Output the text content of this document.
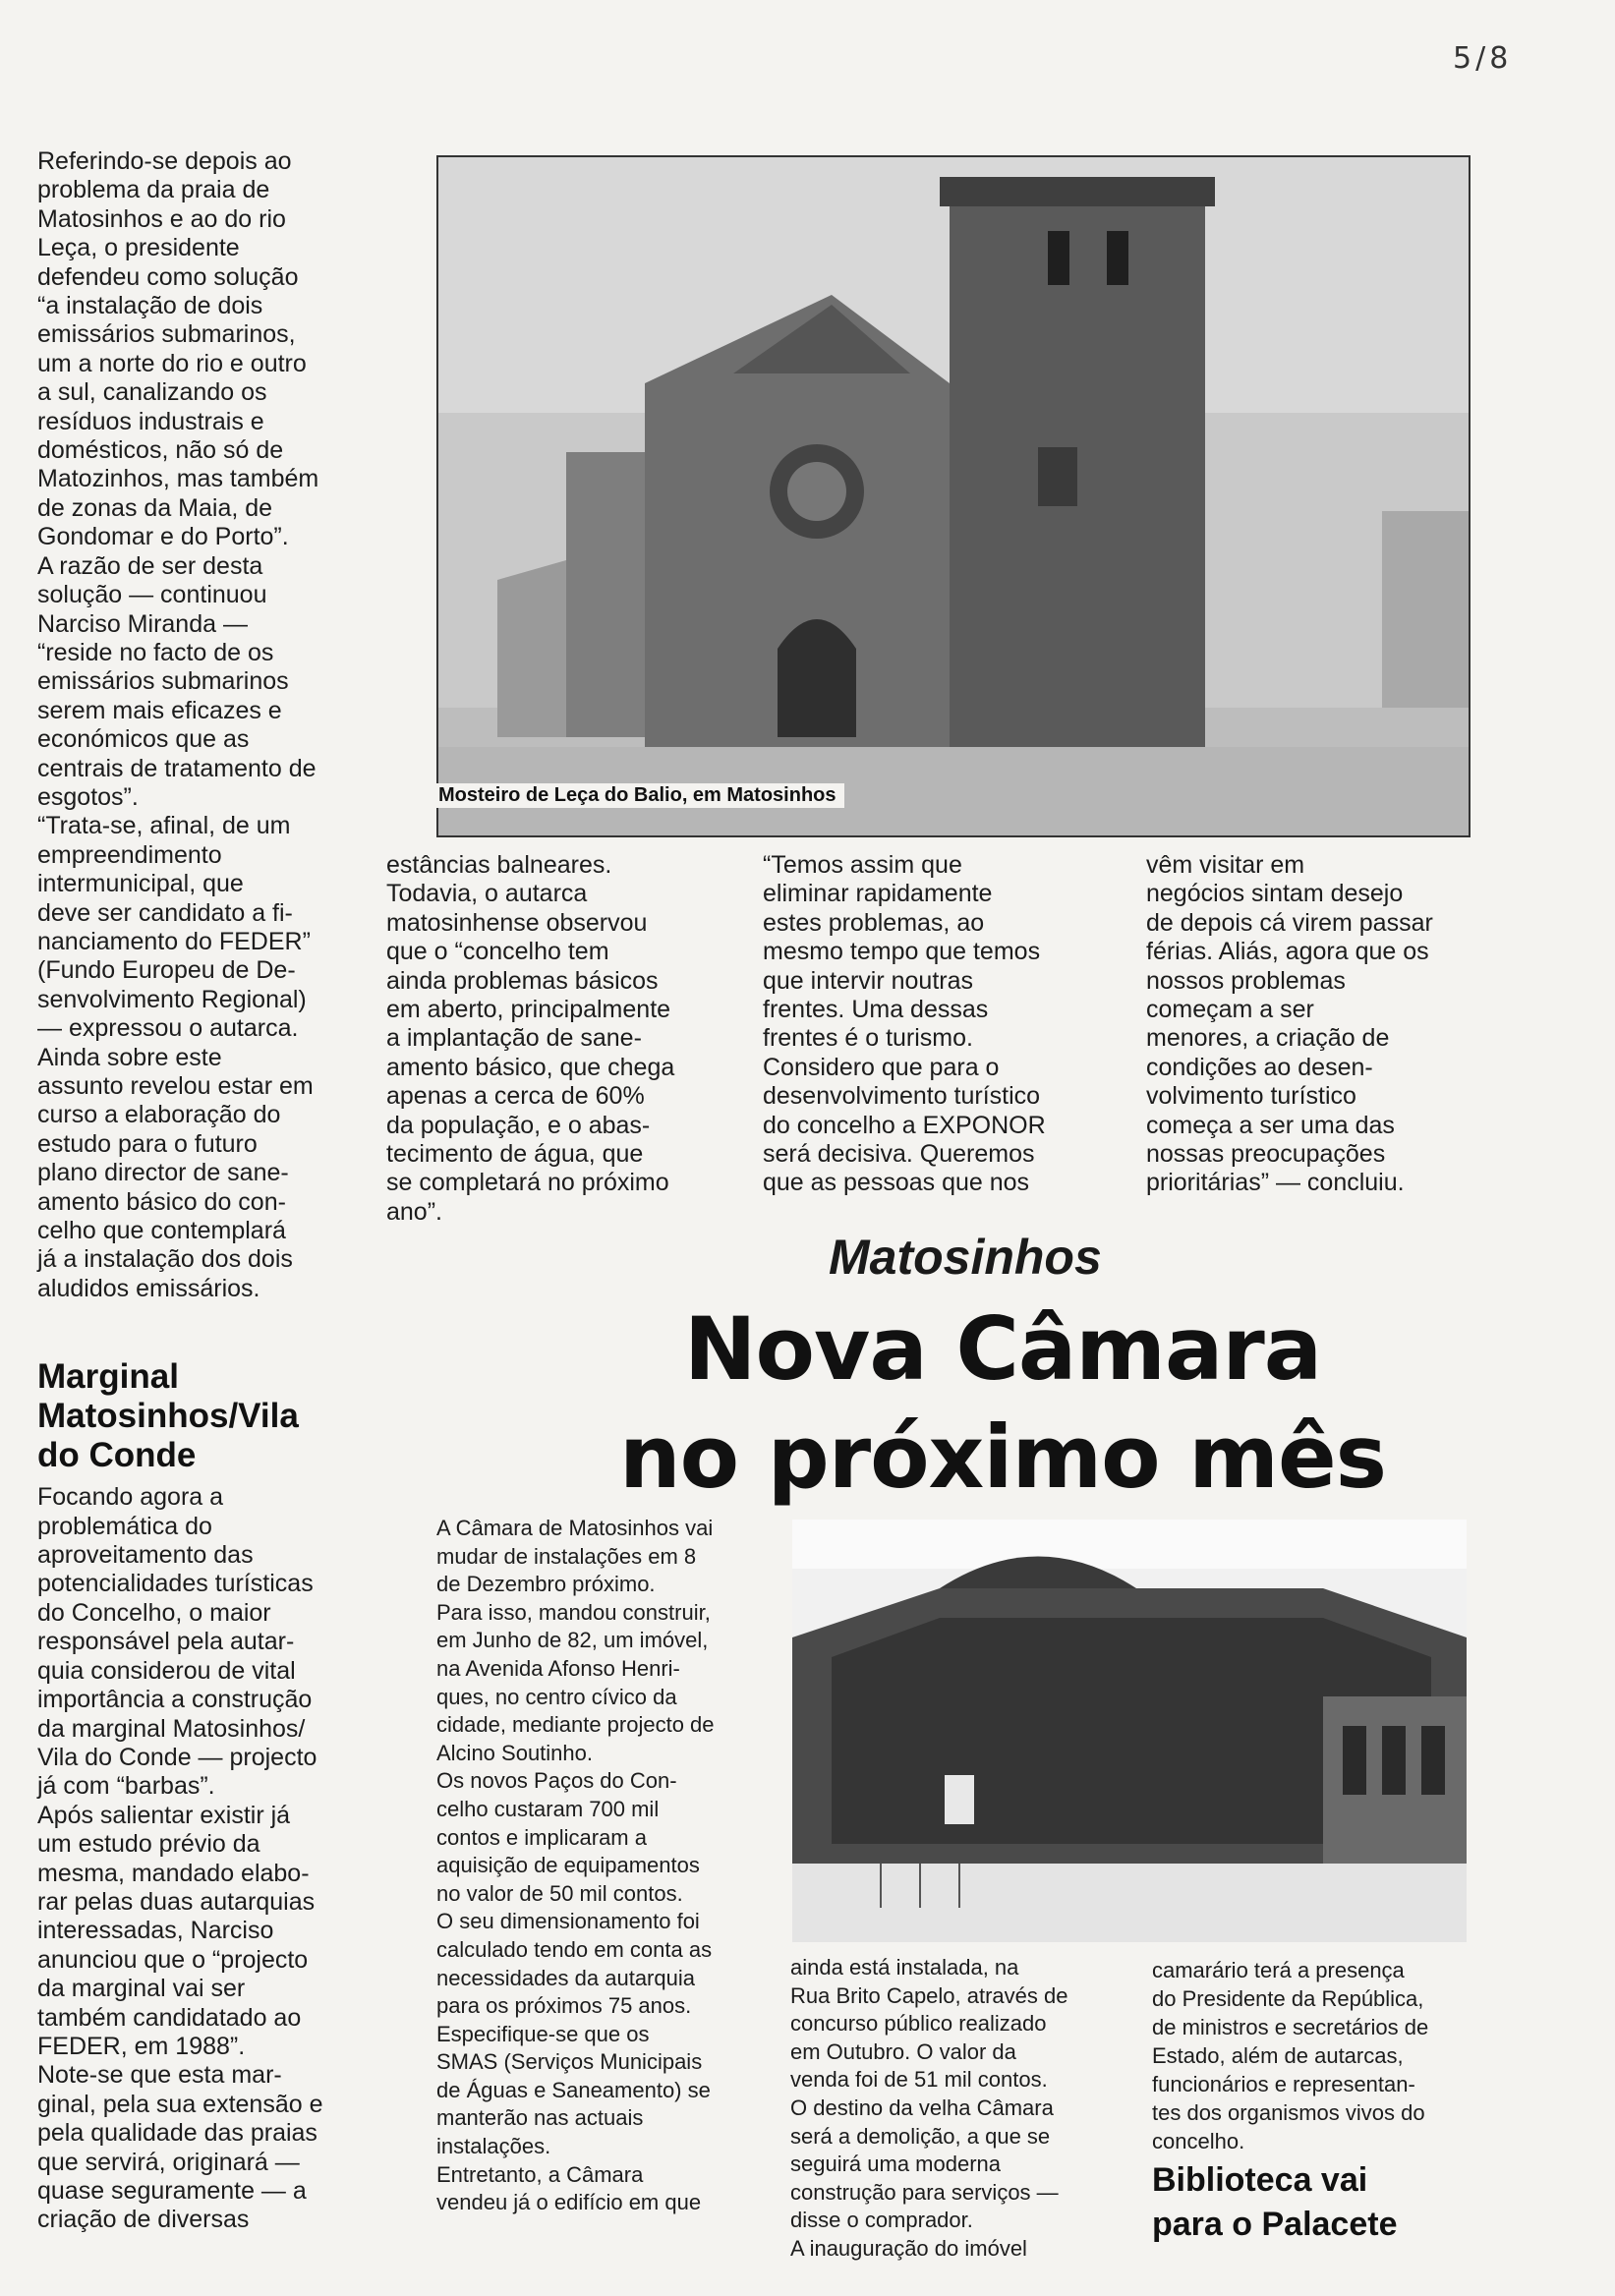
5/8

Referindo-se depois ao
problema da praia de
Matosinhos e ao do rio
Leça, o presidente
defendeu como solução
“a instalação de dois
emissários submarinos,
um a norte do rio e outro
a sul, canalizando os
resíduos industrais e
domésticos, não só de
Matozinhos, mas também
de zonas da Maia, de
Gondomar e do Porto”.
A razão de ser desta
solução — continuou
Narciso Miranda —
“reside no facto de os
emissários submarinos
serem mais eficazes e
económicos que as
centrais de tratamento de
esgotos”.
“Trata-se, afinal, de um
empreendimento
intermunicipal, que
deve ser candidato a fi-
nanciamento do FEDER”
(Fundo Europeu de De-
senvolvimento Regional)
— expressou o autarca.
Ainda sobre este
assunto revelou estar em
curso a elaboração do
estudo para o futuro
plano director de sane-
amento básico do con-
celho que contemplará
já a instalação dos dois
aludidos emissários.

Marginal
Matosinhos/Vila
do Conde

Focando agora a
problemática do
aproveitamento das
potencialidades turísticas
do Concelho, o maior
responsável pela autar-
quia considerou de vital
importância a construção
da marginal Matosinhos/
Vila do Conde — projecto
já com “barbas”.
Após salientar existir já
um estudo prévio da
mesma, mandado elabo-
rar pelas duas autarquias
interessadas, Narciso
anunciou que o “projecto
da marginal vai ser
também candidatado ao
FEDER, em 1988”.
Note-se que esta mar-
ginal, pela sua extensão e
pela qualidade das praias
que servirá, originará —
quase seguramente — a
criação de diversas

Mosteiro de Leça do Balio, em Matosinhos

estâncias balneares.
Todavia, o autarca
matosinhense observou
que o “concelho tem
ainda problemas básicos
em aberto, principalmente
a implantação de sane-
amento básico, que chega
apenas a cerca de 60%
da população, e o abas-
tecimento de água, que
se completará no próximo
ano”.

“Temos assim que
eliminar rapidamente
estes problemas, ao
mesmo tempo que temos
que intervir noutras
frentes. Uma dessas
frentes é o turismo.
Considero que para o
desenvolvimento turístico
do concelho a EXPONOR
será decisiva. Queremos
que as pessoas que nos

vêm visitar em
negócios sintam desejo
de depois cá virem passar
férias. Aliás, agora que os
nossos problemas
começam a ser
menores, a criação de
condições ao desen-
volvimento turístico
começa a ser uma das
nossas preocupações
prioritárias” — concluiu.

Matosinhos
Nova Câmara
no próximo mês

A Câmara de Matosinhos vai
mudar de instalações em 8
de Dezembro próximo.
Para isso, mandou construir,
em Junho de 82, um imóvel,
na Avenida Afonso Henri-
ques, no centro cívico da
cidade, mediante projecto de
Alcino Soutinho.
Os novos Paços do Con-
celho custaram 700 mil
contos e implicaram a
aquisição de equipamentos
no valor de 50 mil contos.
O seu dimensionamento foi
calculado tendo em conta as
necessidades da autarquia
para os próximos 75 anos.
Especifique-se que os
SMAS (Serviços Municipais
de Águas e Saneamento) se
manterão nas actuais
instalações.
Entretanto, a Câmara
vendeu já o edifício em que

ainda está instalada, na
Rua Brito Capelo, através de
concurso público realizado
em Outubro. O valor da
venda foi de 51 mil contos.
O destino da velha Câmara
será a demolição, a que se
seguirá uma moderna
construção para serviços —
disse o comprador.
A inauguração do imóvel

camarário terá a presença
do Presidente da República,
de ministros e secretários de
Estado, além de autarcas,
funcionários e representan-
tes dos organismos vivos do
concelho.

Biblioteca vai
para o Palacete
